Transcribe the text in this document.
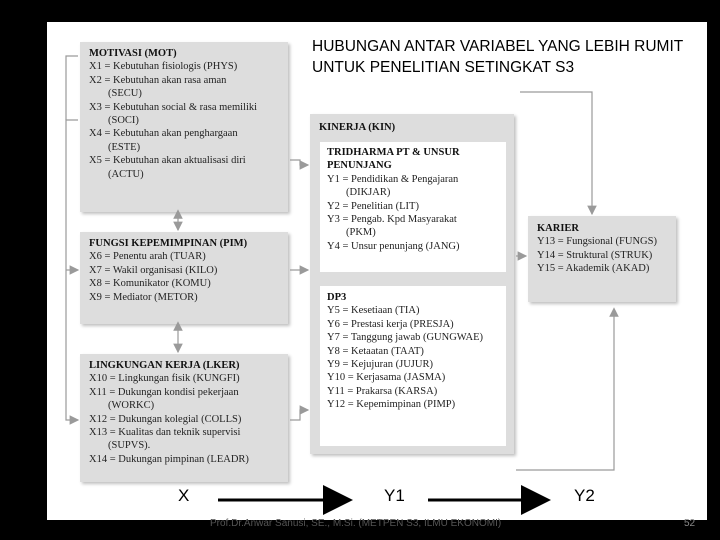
HUBUNGAN ANTAR VARIABEL YANG LEBIH RUMIT UNTUK PENELITIAN SETINGKAT S3
MOTIVASI (MOT)
X1 = Kebutuhan fisiologis (PHYS)
X2 = Kebutuhan akan rasa aman
(SECU)
X3 = Kebutuhan social & rasa memiliki
(SOCI)
X4 = Kebutuhan akan penghargaan
(ESTE)
X5 = Kebutuhan akan aktualisasi diri
(ACTU)
FUNGSI KEPEMIMPINAN (PIM)
X6 = Penentu arah (TUAR)
X7 = Wakil organisasi (KILO)
X8 = Komunikator (KOMU)
X9 = Mediator (METOR)
LINGKUNGAN KERJA (LKER)
X10 = Lingkungan fisik (KUNGFI)
X11 = Dukungan kondisi pekerjaan
(WORKC)
X12 = Dukungan kolegial (COLLS)
X13 = Kualitas dan teknik supervisi
(SUPVS).
X14 = Dukungan pimpinan (LEADR)
KINERJA (KIN)
TRIDHARMA PT & UNSUR
PENUNJANG
Y1 = Pendidikan & Pengajaran
(DIKJAR)
Y2 = Penelitian (LIT)
Y3 = Pengab. Kpd Masyarakat
(PKM)
Y4 = Unsur penunjang (JANG)
DP3
Y5 = Kesetiaan (TIA)
Y6 = Prestasi kerja (PRESJA)
Y7 = Tanggung jawab (GUNGWAE)
Y8 = Ketaatan (TAAT)
Y9 = Kejujuran (JUJUR)
Y10 = Kerjasama (JASMA)
Y11 = Prakarsa (KARSA)
Y12 = Kepemimpinan (PIMP)
KARIER
Y13 = Fungsional (FUNGS)
Y14 = Struktural (STRUK)
Y15 = Akademik (AKAD)
X	Y1	Y2
Prof.Dr.Anwar Sanusi, SE., M.Si. (METPEN S3, ILMU EKONOMI)	52
